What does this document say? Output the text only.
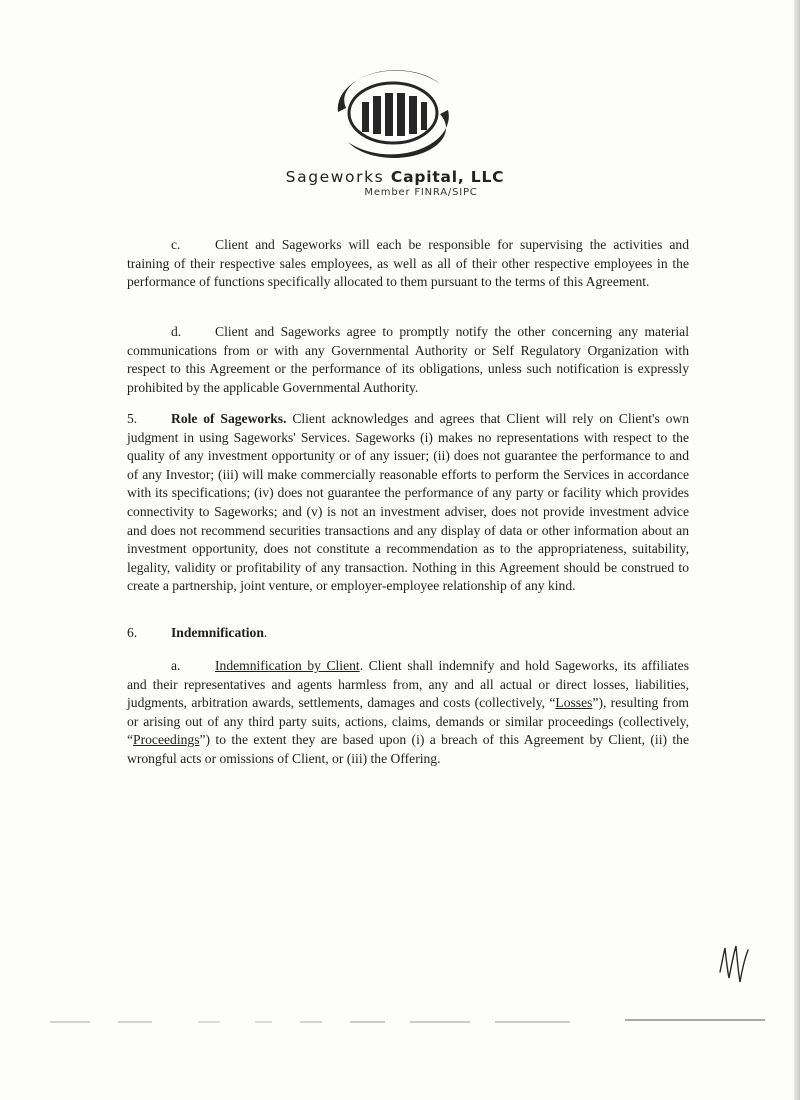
Sageworks Capital, LLC
Member FINRA/SIPC

c.	Client and Sageworks will each be responsible for supervising the activities and training of their respective sales employees, as well as all of their other respective employees in the performance of functions specifically allocated to them pursuant to the terms of this Agreement.

d. Client and Sageworks agree to promptly notify the other concerning any material communications from or with any Governmental Authority or Self Regulatory Organization with respect to this Agreement or the performance of its obligations, unless such notification is expressly prohibited by the applicable Governmental Authority.

5. Role of Sageworks. Client acknowledges and agrees that Client will rely on Client's own judgment in using Sageworks' Services. Sageworks (i) makes no representations with respect to the quality of any investment opportunity or of any issuer; (ii) does not guarantee the performance to and of any Investor; (iii) will make commercially reasonable efforts to perform the Services in accordance with its specifications; (iv) does not guarantee the performance of any party or facility which provides connectivity to Sageworks; and (v) is not an investment adviser, does not provide investment advice and does not recommend securities transactions and any display of data or other information about an investment opportunity, does not constitute a recommendation as to the appropriateness, suitability, legality, validity or profitability of any transaction. Nothing in this Agreement should be construed to create a partnership, joint venture, or employer-employee relationship of any kind.

6. Indemnification.

a.	Indemnification by Client. Client shall indemnify and hold Sageworks, its affiliates and their representatives and agents harmless from, any and all actual or direct losses, liabilities, judgments, arbitration awards, settlements, damages and costs (collectively, “Losses”), resulting from or arising out of any third party suits, actions, claims, demands or similar proceedings (collectively, “Proceedings”) to the extent they are based upon (i) a breach of this Agreement by Client, (ii) the wrongful acts or omissions of Client, or (iii) the Offering.
